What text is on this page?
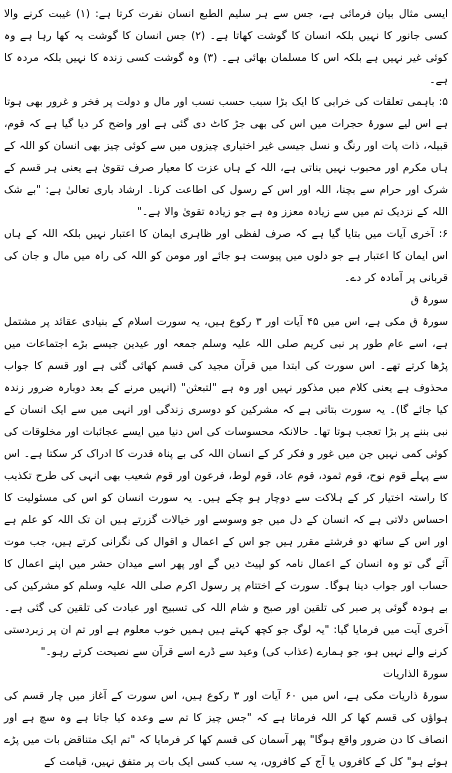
ایسی مثال بیان فرمائی ہے، جس سے ہر سلیم الطبع انسان نفرت کرتا ہے: (۱) غیبت کرنے والا کسی جانور کا نہیں بلکہ انسان کا گوشت کھاتا ہے۔ (۲) جس انسان کا گوشت یہ کھا رہا ہے وہ کوئی غیر نہیں ہے بلکہ اس کا مسلمان بھائی ہے۔ (۳) وہ گوشت کسی زندہ کا نہیں بلکہ مردہ کا ہے۔

۵: باہمی تعلقات کی خرابی کا ایک بڑا سبب حسب نسب اور مال و دولت پر فخر و غرور بھی ہوتا ہے اس لیے سورۂ حجرات میں اس کی بھی جڑ کاٹ دی گئی ہے اور واضح کر دیا گیا ہے کہ قوم، قبیلہ، ذات پات اور رنگ و نسل جیسی غیر اختیاری چیزوں میں سے کوئی چیز بھی انسان کو اللہ کے ہاں مکرم اور محبوب نہیں بناتی ہے، اللہ کے ہاں عزت کا معیار صرف تقویٰ ہے یعنی ہر قسم کے شرک اور حرام سے بچنا، اللہ اور اس کے رسول کی اطاعت کرنا۔ ارشاد باری تعالیٰ ہے: "بے شک اللہ کے نزدیک تم میں سے زیادہ معزز وہ ہے جو زیادہ تقویٰ والا ہے۔"

۶: آخری آیات میں بتایا گیا ہے کہ صرف لفظی اور ظاہری ایمان کا اعتبار نہیں بلکہ اللہ کے ہاں اس ایمان کا اعتبار ہے جو دلوں میں پیوست ہو جائے اور مومن کو اللہ کی راہ میں مال و جان کی قربانی پر آمادہ کر دے۔

سورۂ ق

سورۂ ق مکی ہے، اس میں ۴۵ آیات اور ۳ رکوع ہیں، یہ سورت اسلام کے بنیادی عقائد پر مشتمل ہے، اسے عام طور پر نبی کریم صلی اللہ علیہ وسلم جمعہ اور عیدین جیسے بڑے اجتماعات میں پڑھا کرتے تھے۔ اس سورت کی ابتدا میں قرآن مجید کی قسم کھائی گئی ہے اور قسم کا جواب محذوف ہے یعنی کلام میں مذکور نہیں اور وہ ہے "لتبعثن" (انہیں مرنے کے بعد دوبارہ ضرور زندہ کیا جائے گا)۔ یہ سورت بتاتی ہے کہ مشرکین کو دوسری زندگی اور انہی میں سے ایک انسان کے نبی بننے پر بڑا تعجب ہوتا تھا۔ حالانکہ محسوسات کی اس دنیا میں ایسے عجائبات اور مخلوقات کی کوئی کمی نہیں جن میں غور و فکر کر کے انسان اللہ کی بے پناہ قدرت کا ادراک کر سکتا ہے۔ اس سے پہلے قوم نوح، قوم ثمود، قوم عاد، قوم لوط، فرعون اور قوم شعیب بھی انہی کی طرح تکذیب کا راستہ اختیار کر کے ہلاکت سے دوچار ہو چکے ہیں۔ یہ سورت انسان کو اس کی مسئولیت کا احساس دلاتی ہے کہ انسان کے دل میں جو وسوسے اور خیالات گزرتے ہیں ان تک اللہ کو علم ہے اور اس کے ساتھ دو فرشتے مقرر ہیں جو اس کے اعمال و اقوال کی نگرانی کرتے ہیں، جب موت آئے گی تو وہ انسان کے اعمال نامہ کو لپیٹ دیں گے اور پھر اسے میدان حشر میں اپنے اعمال کا حساب اور جواب دینا ہوگا۔ سورت کے اختتام پر رسول اکرم صلی اللہ علیہ وسلم کو مشرکین کی بے ہودہ گوئی پر صبر کی تلقین اور صبح و شام اللہ کی تسبیح اور عبادت کی تلقین کی گئی ہے۔ آخری آیت میں فرمایا گیا: "یہ لوگ جو کچھ کہتے ہیں ہمیں خوب معلوم ہے اور تم ان پر زبردستی کرنے والے نہیں ہو، جو ہمارے (عذاب کی) وعید سے ڈرے اسے قرآن سے نصیحت کرتے رہو۔"

سورۃ الذاریات

سورۂ ذاریات مکی ہے، اس میں ۶۰ آیات اور ۳ رکوع ہیں، اس سورت کے آغاز میں چار قسم کی ہواؤں کی قسم کھا کر اللہ فرماتا ہے کہ "جس چیز کا تم سے وعدہ کیا جاتا ہے وہ سچ ہے اور انصاف کا دن ضرور واقع ہوگا" پھر آسمان کی قسم کھا کر فرمایا کہ "تم ایک متناقض بات میں پڑے ہوئے ہو" کل کے کافروں یا آج کے کافروں، یہ سب کسی ایک بات پر متفق نہیں، قیامت کے
